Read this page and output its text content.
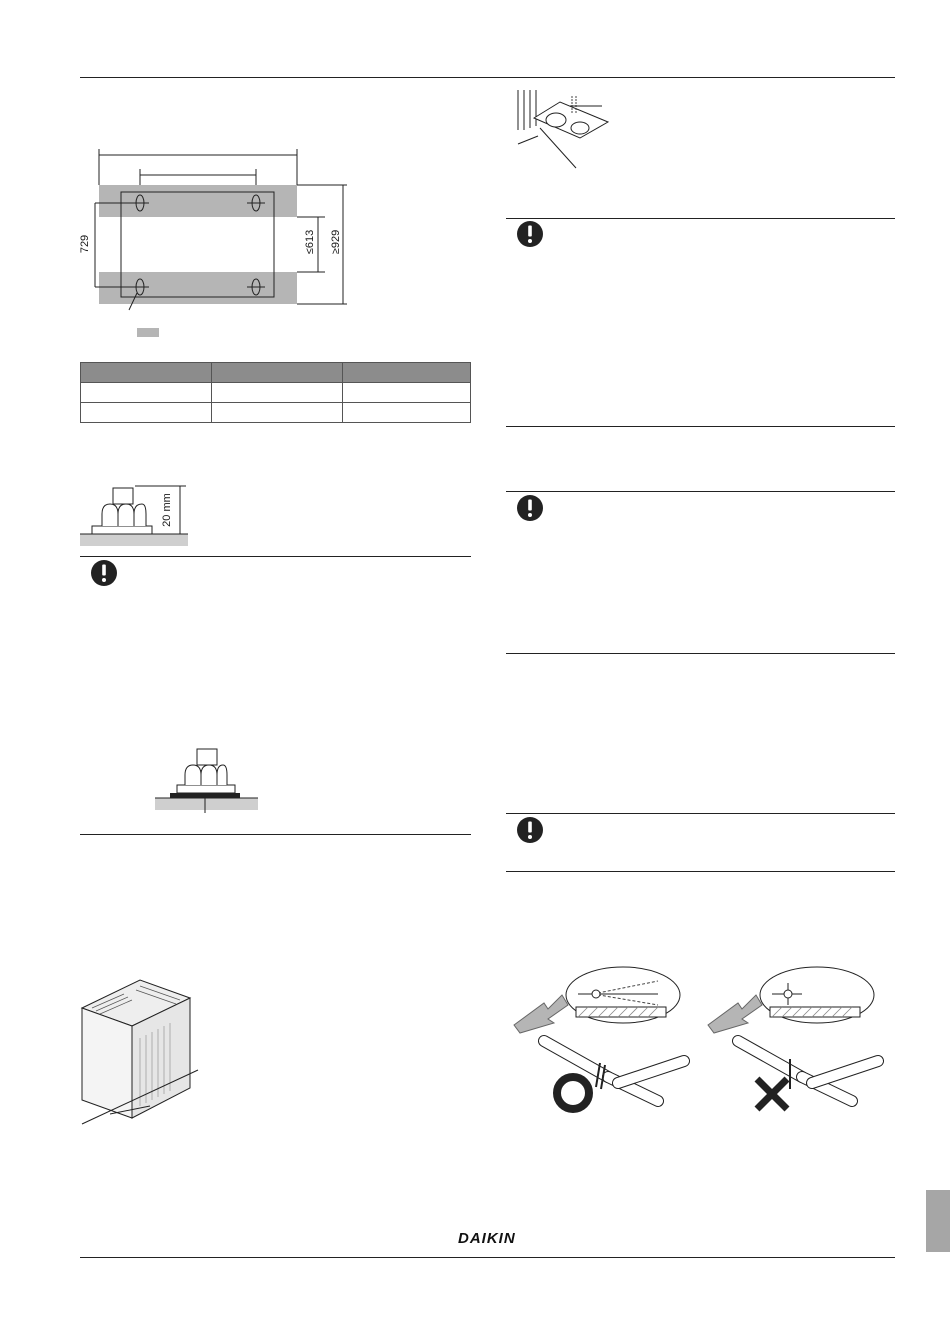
729	≤613 ≥929

20 mm
DAIKIN
